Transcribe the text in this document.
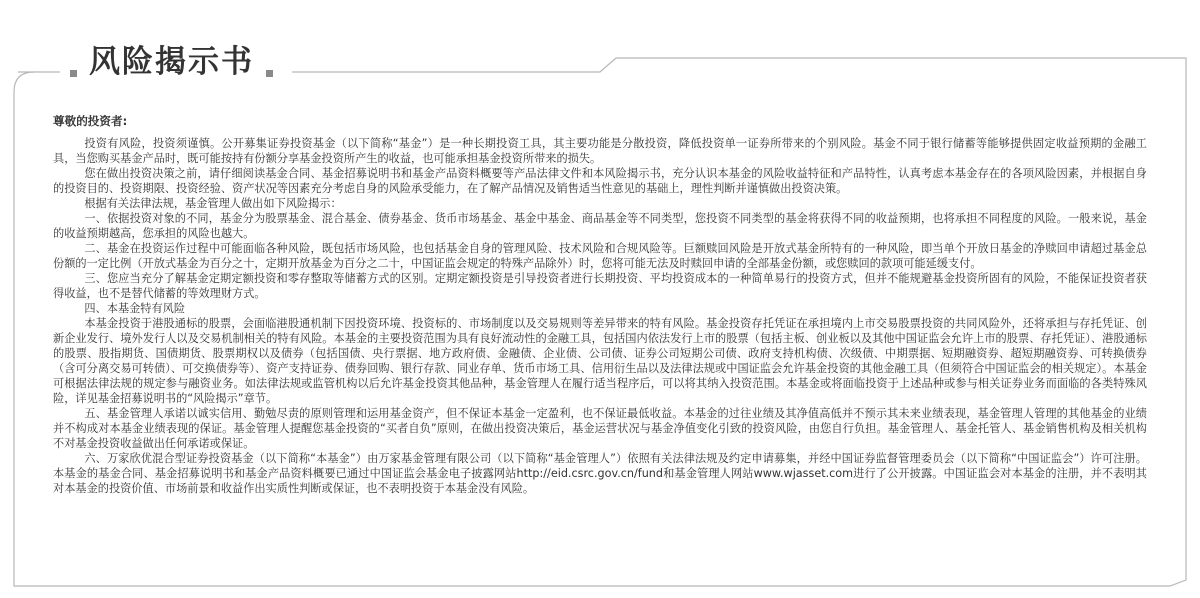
风险揭示书

尊敬的投资者:

投资有风险，投资须谨慎。公开募集证券投资基金（以下简称“基金”）是一种长期投资工具，其主要功能是分散投资，降低投资单一证券所带来的个别风险。基金不同于银行储蓄等能够提供固定收益预期的金融工具，当您购买基金产品时，既可能按持有份额分享基金投资所产生的收益，也可能承担基金投资所带来的损失。

您在做出投资决策之前，请仔细阅读基金合同、基金招募说明书和基金产品资料概要等产品法律文件和本风险揭示书，充分认识本基金的风险收益特征和产品特性，认真考虑本基金存在的各项风险因素，并根据自身的投资目的、投资期限、投资经验、资产状况等因素充分考虑自身的风险承受能力，在了解产品情况及销售适当性意见的基础上，理性判断并谨慎做出投资决策。

根据有关法律法规，基金管理人做出如下风险揭示：

一、依据投资对象的不同，基金分为股票基金、混合基金、债券基金、货币市场基金、基金中基金、商品基金等不同类型，您投资不同类型的基金将获得不同的收益预期，也将承担不同程度的风险。一般来说，基金的收益预期越高，您承担的风险也越大。

二、基金在投资运作过程中可能面临各种风险，既包括市场风险，也包括基金自身的管理风险、技术风险和合规风险等。巨额赎回风险是开放式基金所特有的一种风险，即当单个开放日基金的净赎回申请超过基金总份额的一定比例（开放式基金为百分之十，定期开放基金为百分之二十，中国证监会规定的特殊产品除外）时，您将可能无法及时赎回申请的全部基金份额，或您赎回的款项可能延缓支付。

三、您应当充分了解基金定期定额投资和零存整取等储蓄方式的区别。定期定额投资是引导投资者进行长期投资、平均投资成本的一种简单易行的投资方式，但并不能规避基金投资所固有的风险，不能保证投资者获得收益，也不是替代储蓄的等效理财方式。

四、本基金特有风险

本基金投资于港股通标的股票，会面临港股通机制下因投资环境、投资标的、市场制度以及交易规则等差异带来的特有风险。基金投资存托凭证在承担境内上市交易股票投资的共同风险外，还将承担与存托凭证、创新企业发行、境外发行人以及交易机制相关的特有风险。本基金的主要投资范围为具有良好流动性的金融工具，包括国内依法发行上市的股票（包括主板、创业板以及其他中国证监会允许上市的股票、存托凭证）、港股通标的股票、股指期货、国债期货、股票期权以及债券（包括国债、央行票据、地方政府债、金融债、企业债、公司债、证券公司短期公司债、政府支持机构债、次级债、中期票据、短期融资券、超短期融资券、可转换债券（含可分离交易可转债）、可交换债券等）、资产支持证券、债券回购、银行存款、同业存单、货币市场工具、信用衍生品以及法律法规或中国证监会允许基金投资的其他金融工具（但须符合中国证监会的相关规定）。本基金可根据法律法规的规定参与融资业务。如法律法规或监管机构以后允许基金投资其他品种，基金管理人在履行适当程序后，可以将其纳入投资范围。本基金或将面临投资于上述品种或参与相关证券业务而面临的各类特殊风险，详见基金招募说明书的“风险揭示”章节。

五、基金管理人承诺以诚实信用、勤勉尽责的原则管理和运用基金资产，但不保证本基金一定盈利，也不保证最低收益。本基金的过往业绩及其净值高低并不预示其未来业绩表现，基金管理人管理的其他基金的业绩并不构成对本基金业绩表现的保证。基金管理人提醒您基金投资的“买者自负”原则，在做出投资决策后，基金运营状况与基金净值变化引致的投资风险，由您自行负担。基金管理人、基金托管人、基金销售机构及相关机构不对基金投资收益做出任何承诺或保证。

六、万家欣优混合型证券投资基金（以下简称“本基金”）由万家基金管理有限公司（以下简称“基金管理人”）依照有关法律法规及约定申请募集，并经中国证券监督管理委员会（以下简称“中国证监会”）许可注册。本基金的基金合同、基金招募说明书和基金产品资料概要已通过中国证监会基金电子披露网站http://eid.csrc.gov.cn/fund和基金管理人网站www.wjasset.com进行了公开披露。中国证监会对本基金的注册，并不表明其对本基金的投资价值、市场前景和收益作出实质性判断或保证，也不表明投资于本基金没有风险。
